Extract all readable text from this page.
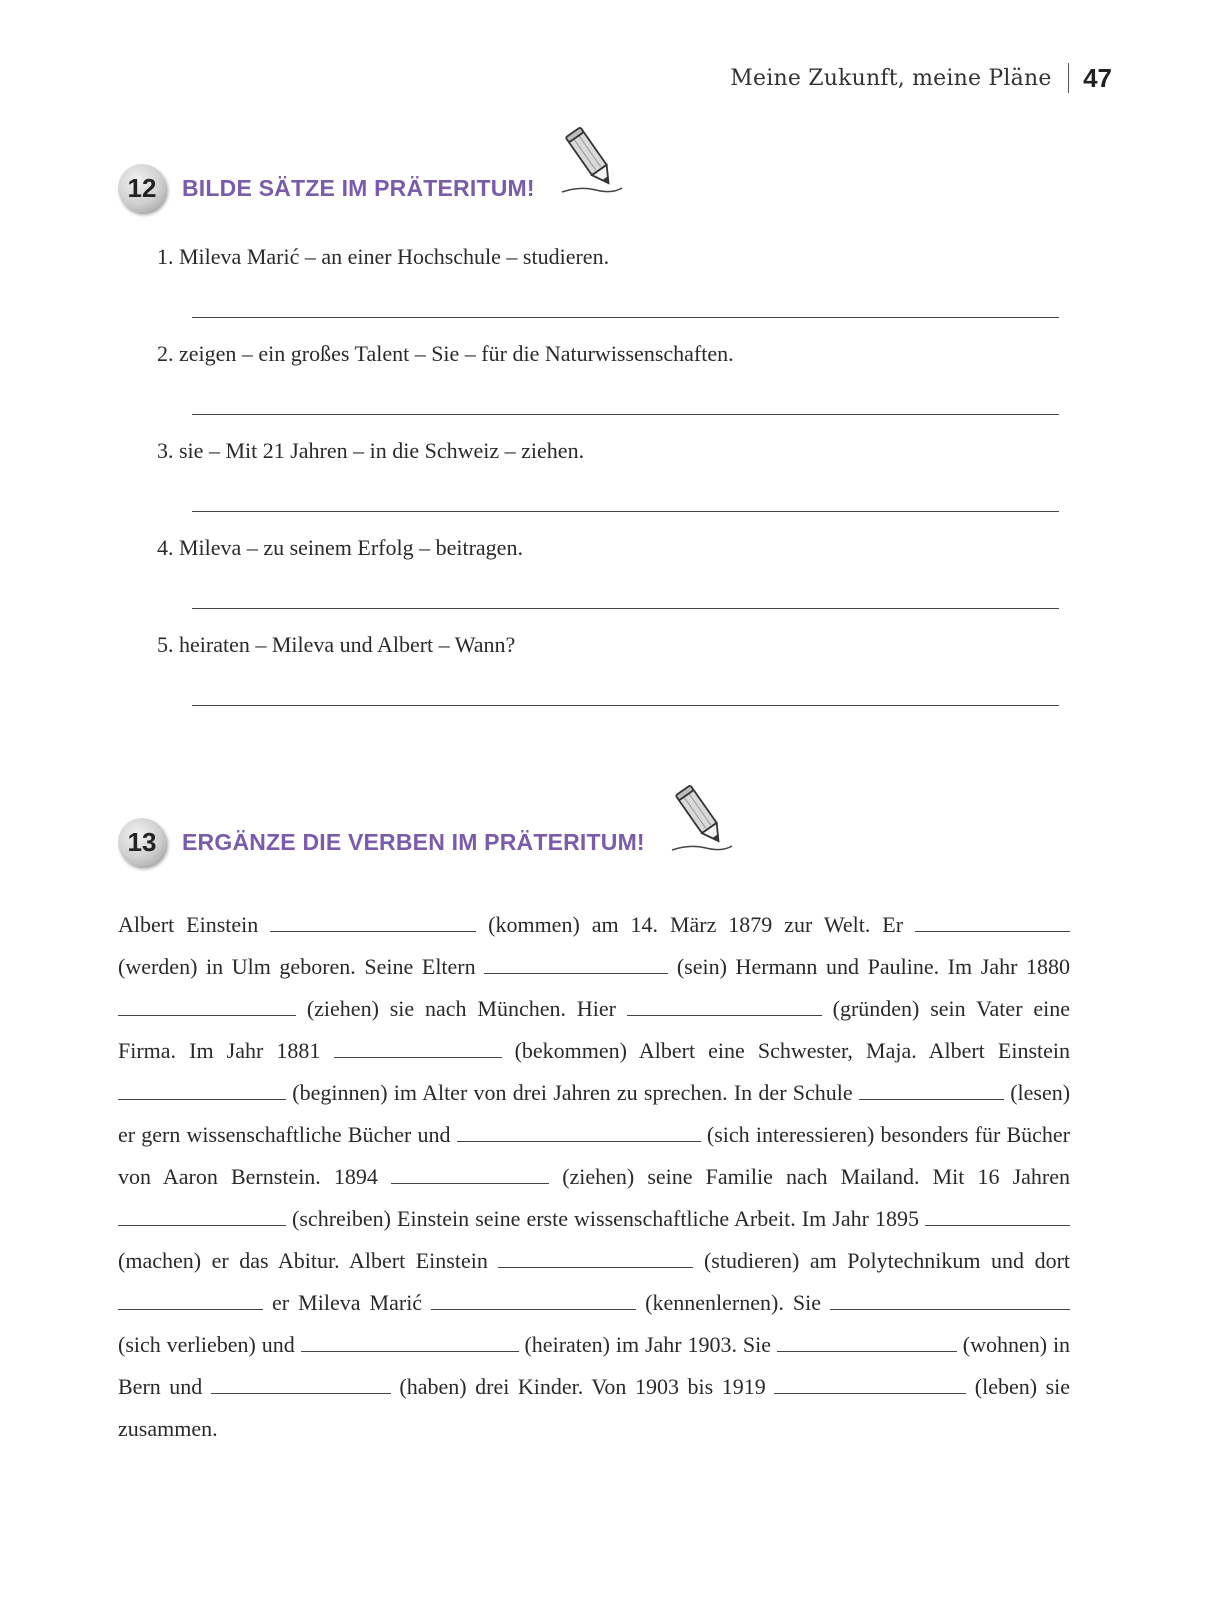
Meine Zukunft, meine Pläne 47
12	BILDE SÄTZE IM PRÄTERITUM!
1. Mileva Marić – an einer Hochschule – studieren.
2. zeigen – ein großes Talent – Sie – für die Naturwissenschaften.
3. sie – Mit 21 Jahren – in die Schweiz – ziehen.
4. Mileva – zu seinem Erfolg – beitragen.
5. heiraten – Mileva und Albert – Wann?
13	ERGÄNZE DIE VERBEN IM PRÄTERITUM!
Albert Einstein	(kommen) am 14. März 1879 zur Welt. Er  (werden) in Ulm geboren. Seine Eltern	(sein) Hermann und Pauline. Im Jahr 1880  (ziehen) sie nach München. Hier	(gründen) sein Vater eine Firma. Im Jahr 1881	(bekommen) Albert eine Schwester, Maja. Albert Einstein  (beginnen) im Alter von drei Jahren zu sprechen. In der Schule	(lesen) er gern wissenschaftliche Bücher und	(sich interessieren) besonders für Bücher von Aaron Bernstein. 1894	(ziehen) seine Familie nach Mailand. Mit 16 Jahren  (schreiben) Einstein seine erste wissenschaftliche Arbeit. Im Jahr 1895  (machen) er das Abitur. Albert Einstein	(studieren) am Polytechnikum und dort  er Mileva Marić	(kennenlernen). Sie  (sich verlieben) und	(heiraten) im Jahr 1903. Sie	(wohnen) in Bern und	(haben) drei Kinder. Von 1903 bis 1919	(leben) sie zusammen.
